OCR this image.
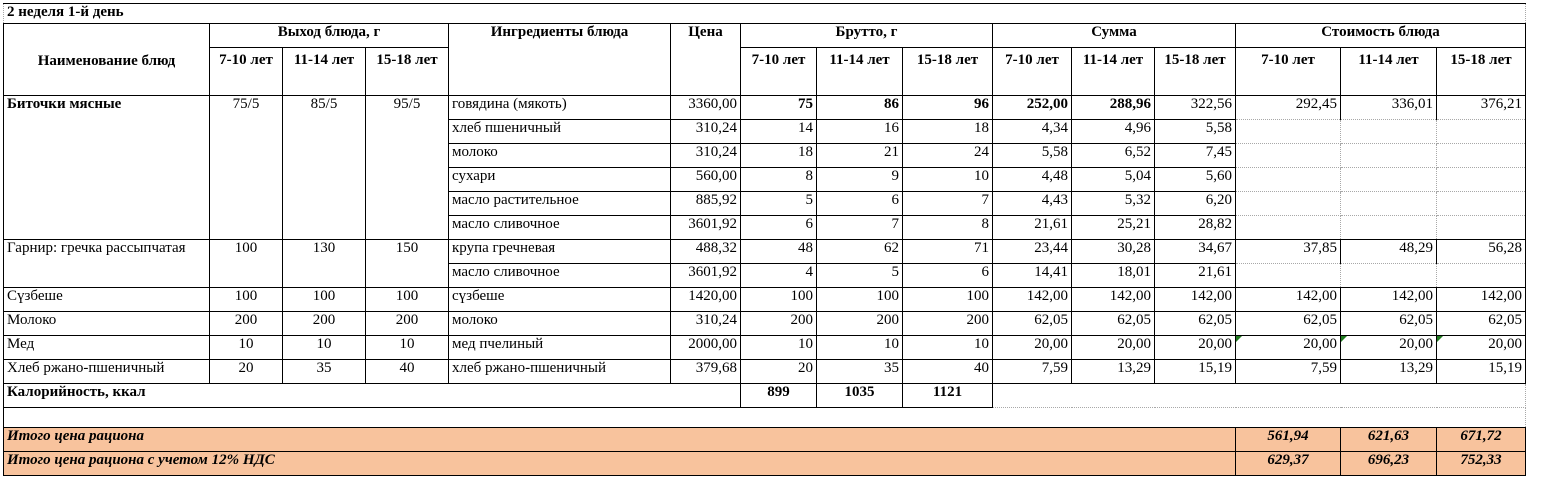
2 неделя 1-й день														
Наименование блюд	Выход блюда, г			Ингредиенты блюда	Цена	Брутто, г			Сумма			Стоимость блюда		
	7-10 лет	11-14 лет	15-18 лет			7-10 лет	11-14 лет	15-18 лет	7-10 лет	11-14 лет	15-18 лет	7-10 лет	11-14 лет	15-18 лет
Биточки мясные	75/5	85/5	95/5	говядина (мякоть)	3360,00	75	86	96	252,00	288,96	322,56	292,45	336,01	376,21
				хлеб пшеничный	310,24	14	16	18	4,34	4,96	5,58			
				молоко	310,24	18	21	24	5,58	6,52	7,45			
				сухари	560,00	8	9	10	4,48	5,04	5,60			
				масло растительное	885,92	5	6	7	4,43	5,32	6,20			
				масло сливочное	3601,92	6	7	8	21,61	25,21	28,82			
Гарнир: гречка рассыпчатая	100	130	150	крупа гречневая	488,32	48	62	71	23,44	30,28	34,67	37,85	48,29	56,28
				масло сливочное	3601,92	4	5	6	14,41	18,01	21,61			
Сүзбеше	100	100	100	сүзбеше	1420,00	100	100	100	142,00	142,00	142,00	142,00	142,00	142,00
Молоко	200	200	200	молоко	310,24	200	200	200	62,05	62,05	62,05	62,05	62,05	62,05
Мед	10	10	10	мед пчелиный	2000,00	10	10	10	20,00	20,00	20,00	20,00	20,00	20,00
Хлеб ржано-пшеничный	20	35	40	хлеб ржано-пшеничный	379,68	20	35	40	7,59	13,29	15,19	7,59	13,29	15,19
Калорийность, ккал						899	1035	1121						

Итого цена рациона												561,94	621,63	671,72
Итого цена рациона с учетом 12% НДС												629,37	696,23	752,33
